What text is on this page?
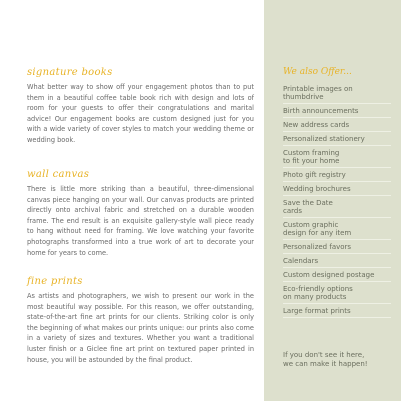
signature books

What better way to show off your engagement photos than to put them in a beautiful coffee table book rich with design and lots of room for your guests to offer their congratulations and marital advice! Our engagement books are custom designed just for you with a wide variety of cover styles to match your wedding theme or wedding book.

wall canvas

There is little more striking than a beautiful, three-dimensional canvas piece hanging on your wall. Our canvas products are printed directly onto archival fabric and stretched on a durable wooden frame. The end result is an exquisite gallery-style wall piece ready to hang without need for framing. We love watching your favorite photographs transformed into a true work of art to decorate your home for years to come.

fine prints

As artists and photographers, we wish to present our work in the most beautiful way possible. For this reason, we offer outstanding, state-of-the-art fine art prints for our clients. Striking color is only the beginning of what makes our prints unique: our prints also come in a variety of sizes and textures. Whether you want a traditional luster finish or a Giclee fine art print on textured paper printed in house, you will be astounded by the final product.

We also Offer...
Printable images on
thumbdrive
Birth announcements
New address cards
Personalized stationery
Custom framing
to fit your home
Photo gift registry
Wedding brochures
Save the Date
cards
Custom graphic
design for any item
Personalized favors
Calendars
Custom designed postage
Eco-friendly options
on many products
Large format prints
If you don't see it here,
we can make it happen!
